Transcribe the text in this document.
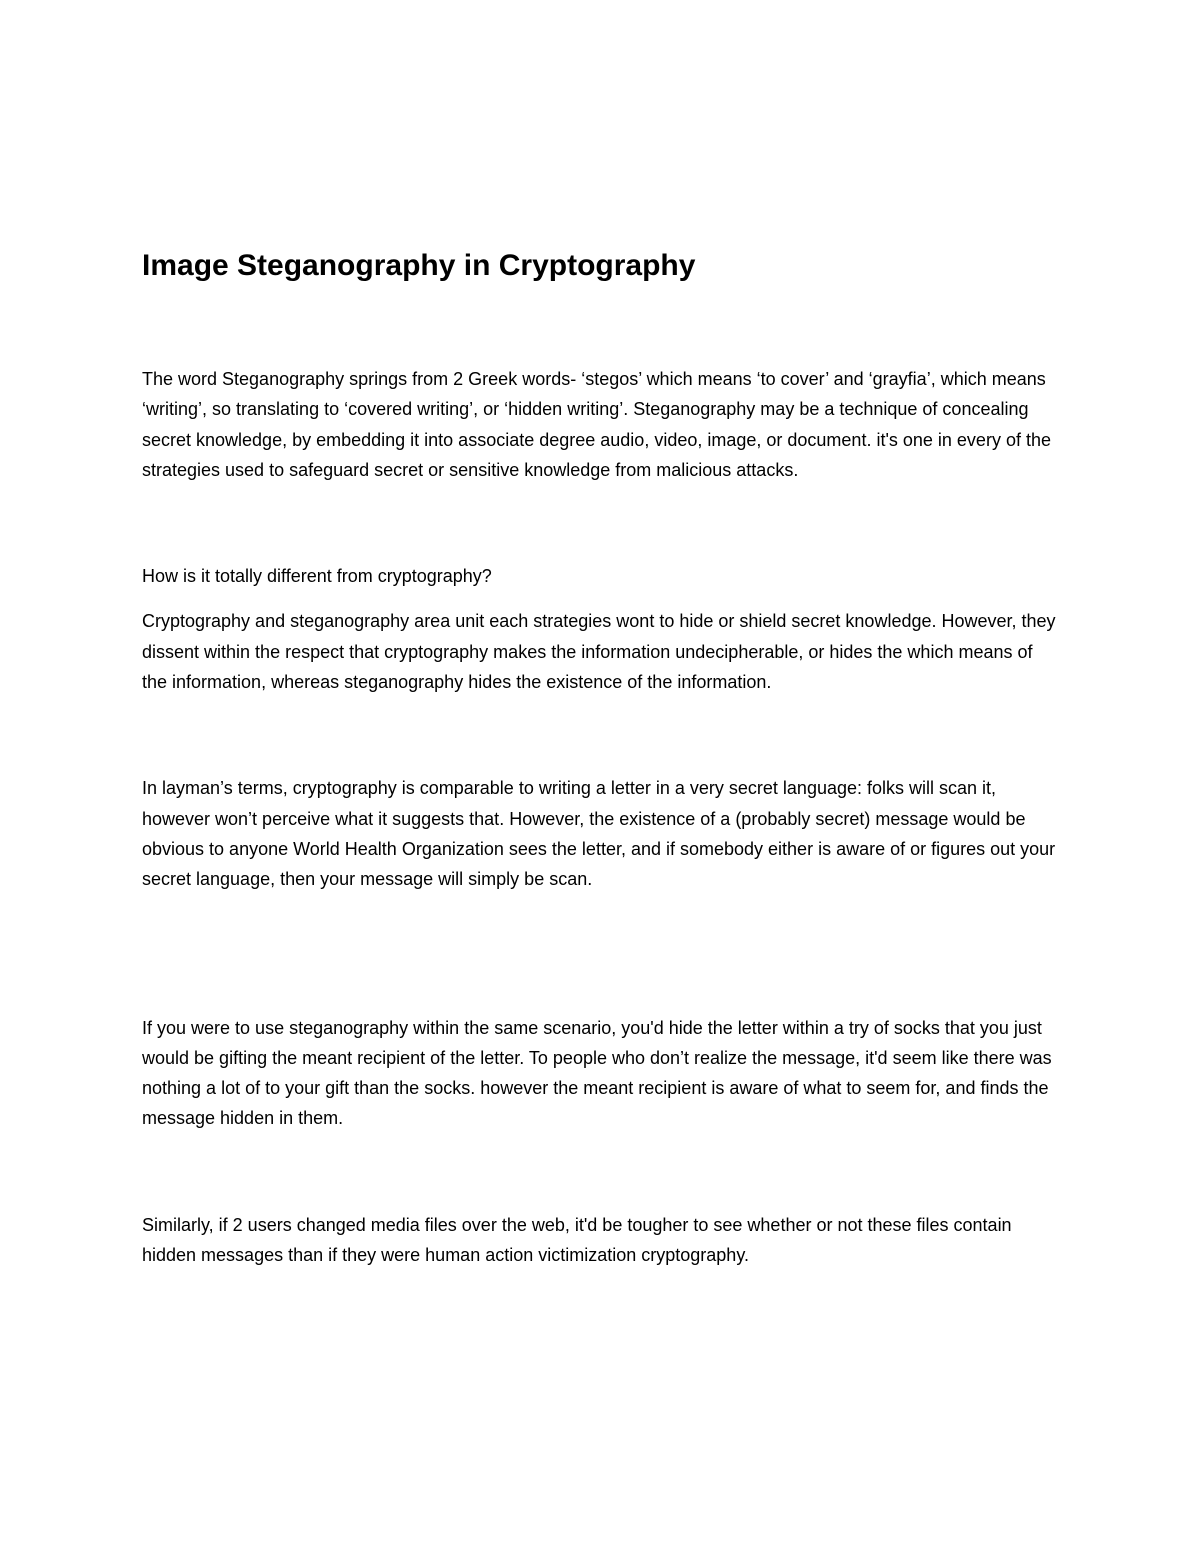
Image Steganography in Cryptography

The word Steganography springs from 2 Greek words- ‘stegos’ which means ‘to cover’ and ‘grayfia’, which means ‘writing’, so translating to ‘covered writing’, or ‘hidden writing’. Steganography may be a technique of concealing secret knowledge, by embedding it into associate degree audio, video, image, or document. it's one in every of the strategies used to safeguard secret or sensitive knowledge from malicious attacks.

How is it totally different from cryptography?

Cryptography and steganography area unit each strategies wont to hide or shield secret knowledge. However, they dissent within the respect that cryptography makes the information undecipherable, or hides the which means of the information, whereas steganography hides the existence of the information.

In layman’s terms, cryptography is comparable to writing a letter in a very secret language: folks will scan it, however won’t perceive what it suggests that. However, the existence of a (probably secret) message would be obvious to anyone World Health Organization sees the letter, and if somebody either is aware of or figures out your secret language, then your message will simply be scan.

If you were to use steganography within the same scenario, you'd hide the letter within a try of socks that you just would be gifting the meant recipient of the letter. To people who don’t realize the message, it'd seem like there was nothing a lot of to your gift than the socks. however the meant recipient is aware of what to seem for, and finds the message hidden in them.

Similarly, if 2 users changed media files over the web, it'd be tougher to see whether or not these files contain hidden messages than if they were human action victimization cryptography.
